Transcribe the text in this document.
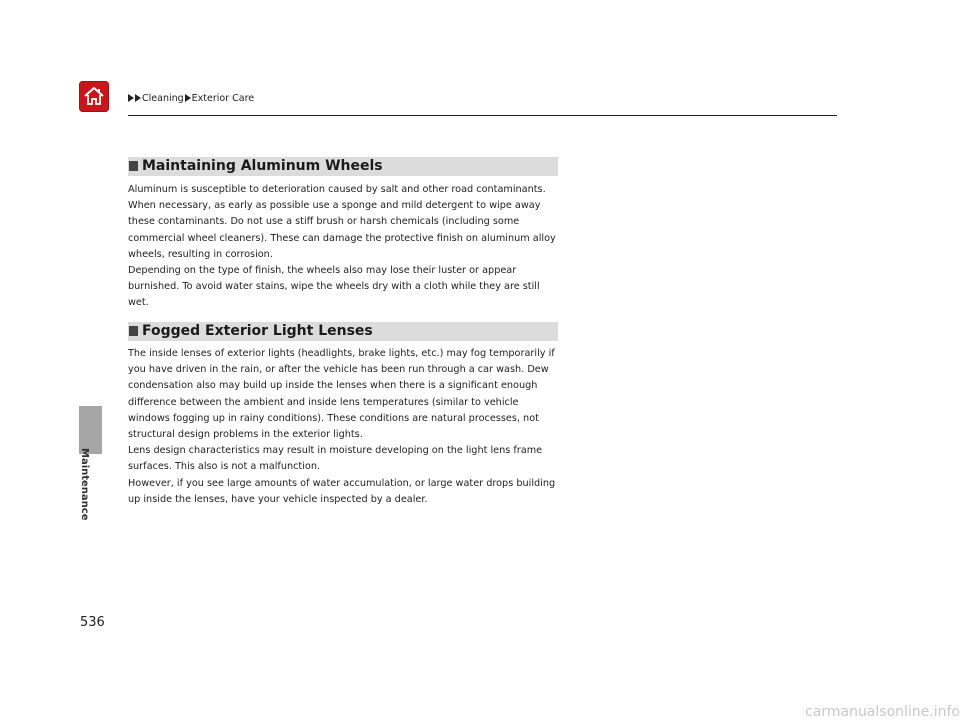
Cleaning Exterior Care
Maintenance
Maintaining Aluminum Wheels

Aluminum is susceptible to deterioration caused by salt and other road contaminants. When necessary, as early as possible use a sponge and mild detergent to wipe away these contaminants. Do not use a stiff brush or harsh chemicals (including some commercial wheel cleaners). These can damage the protective finish on aluminum alloy wheels, resulting in corrosion.

Depending on the type of finish, the wheels also may lose their luster or appear burnished. To avoid water stains, wipe the wheels dry with a cloth while they are still wet.

Fogged Exterior Light Lenses

The inside lenses of exterior lights (headlights, brake lights, etc.) may fog temporarily if you have driven in the rain, or after the vehicle has been run through a car wash. Dew condensation also may build up inside the lenses when there is a significant enough difference between the ambient and inside lens temperatures (similar to vehicle windows fogging up in rainy conditions). These conditions are natural processes, not structural design problems in the exterior lights.

Lens design characteristics may result in moisture developing on the light lens frame surfaces. This also is not a malfunction.

However, if you see large amounts of water accumulation, or large water drops building up inside the lenses, have your vehicle inspected by a dealer.

536
carmanualsonline.info
